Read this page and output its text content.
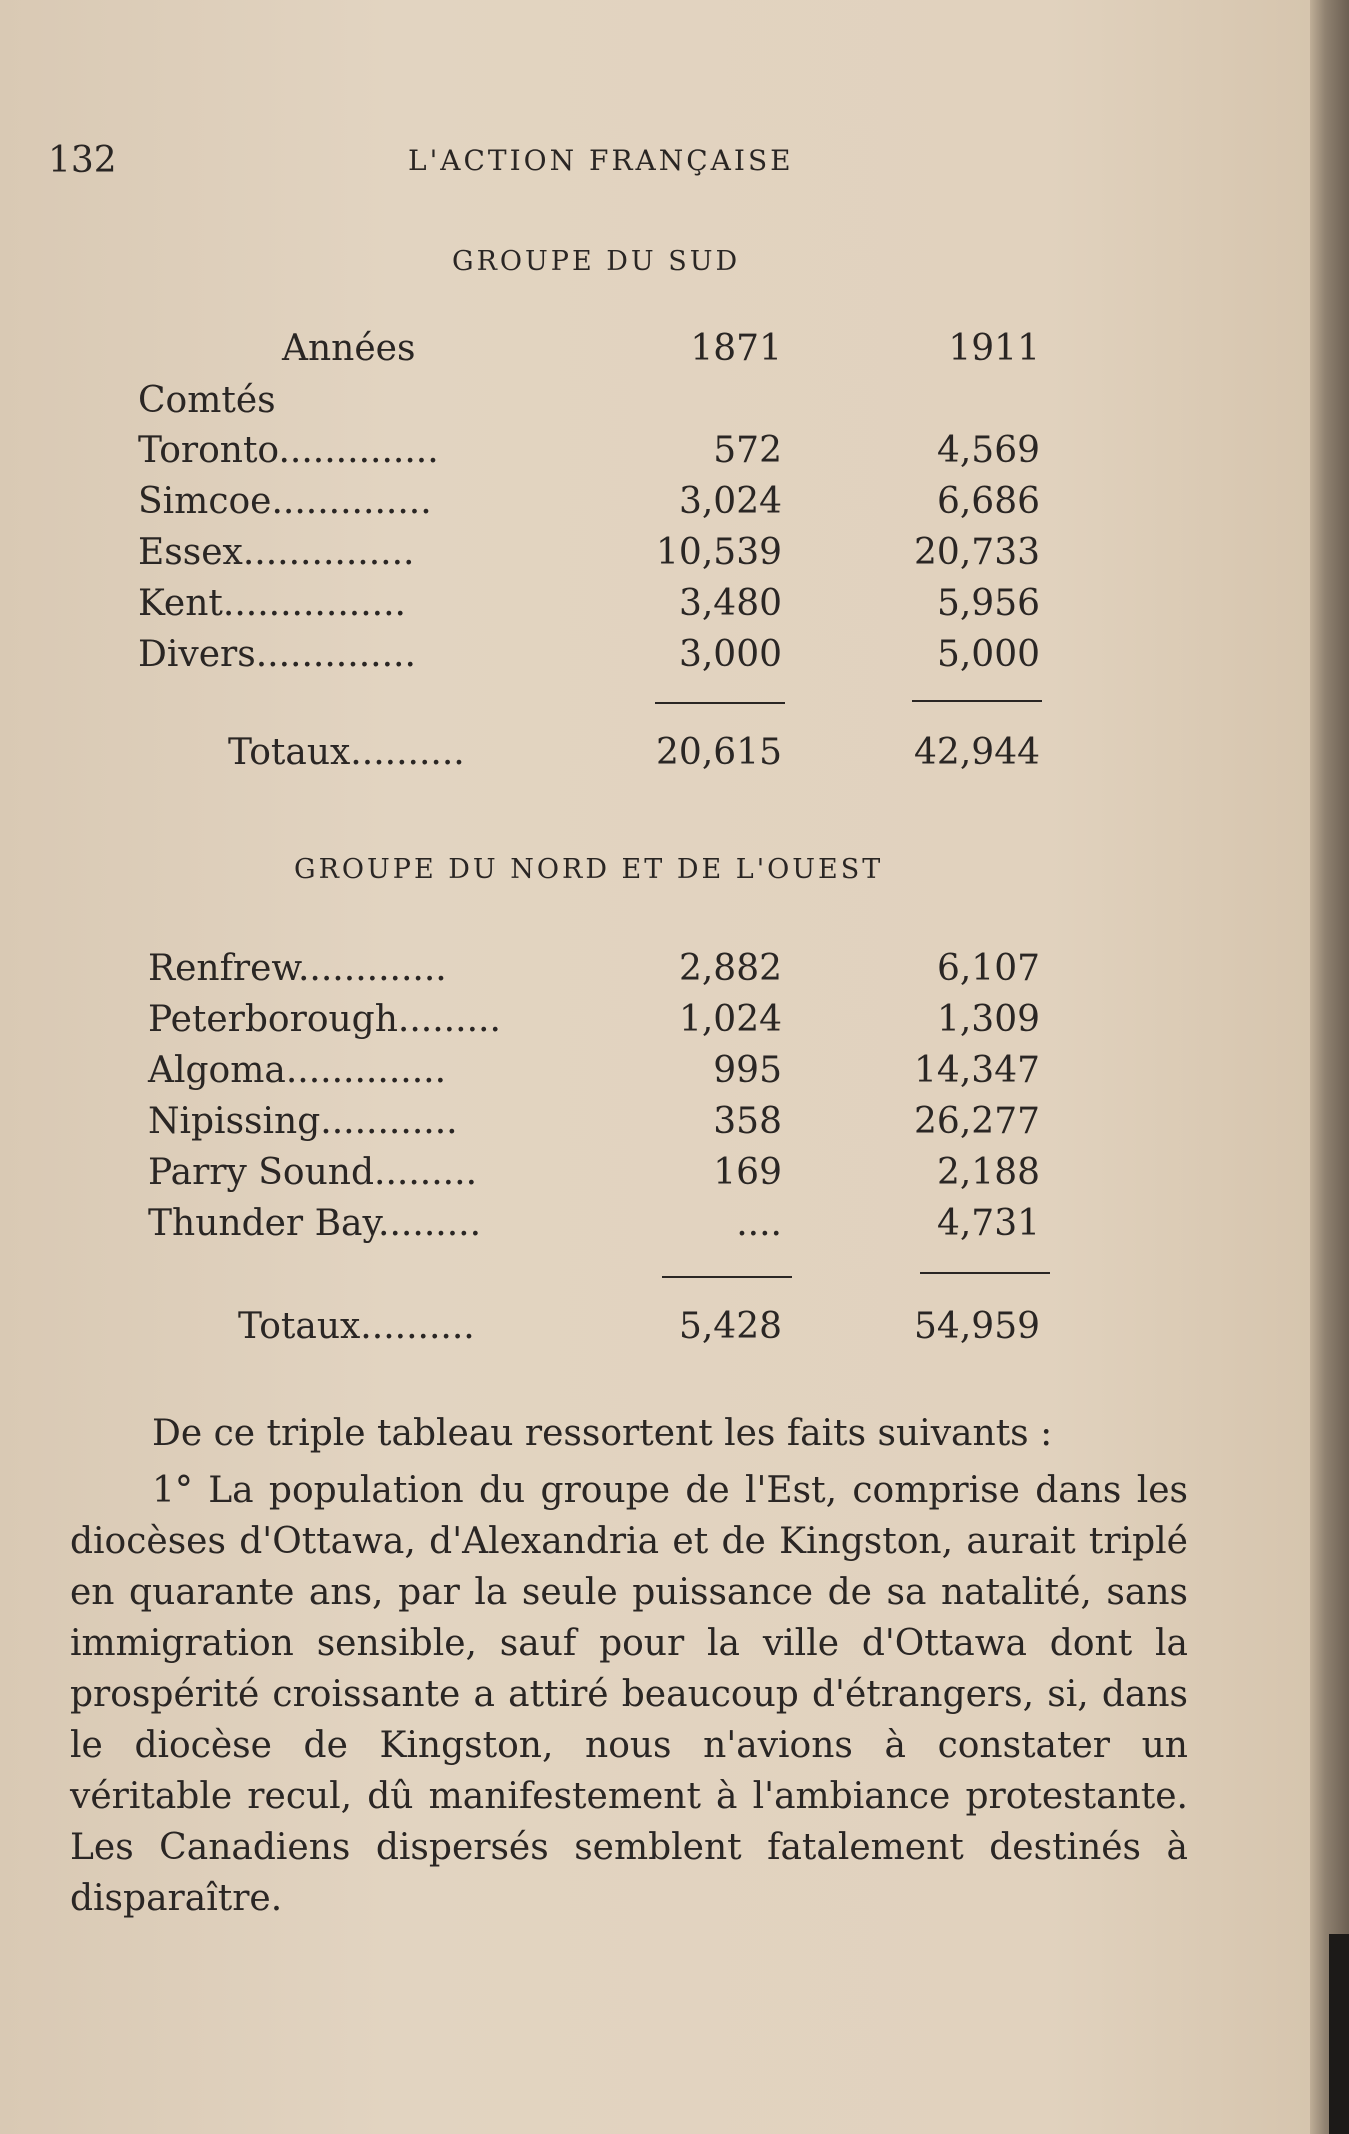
132	L'ACTION FRANÇAISE
GROUPE DU SUD
Années	1871	1911
Comtés
Toronto..............	572	4,569
Simcoe..............	3,024	6,686
Essex...............	10,539	20,733
Kent................	3,480	5,956
Divers..............	3,000	5,000
Totaux..........	20,615	42,944
GROUPE DU NORD ET DE L'OUEST
Renfrew.............	2,882	6,107
Peterborough.........	1,024	1,309
Algoma..............	995	14,347
Nipissing............	358	26,277
Parry Sound.........	169	2,188
Thunder Bay.........	....	4,731
Totaux..........	5,428	54,959

De ce triple tableau ressortent les faits suivants :

1° La population du groupe de l'Est, comprise dans les diocèses d'Ottawa, d'Alexandria et de Kingston, aurait triplé en quarante ans, par la seule puissance de sa natalité, sans immigration sensible, sauf pour la ville d'Ottawa dont la prospérité croissante a attiré beaucoup d'étrangers, si, dans le diocèse de Kingston, nous n'avions à constater un véritable recul, dû manifestement à l'ambiance protestante. Les Canadiens dispersés semblent fatalement destinés à disparaître.
